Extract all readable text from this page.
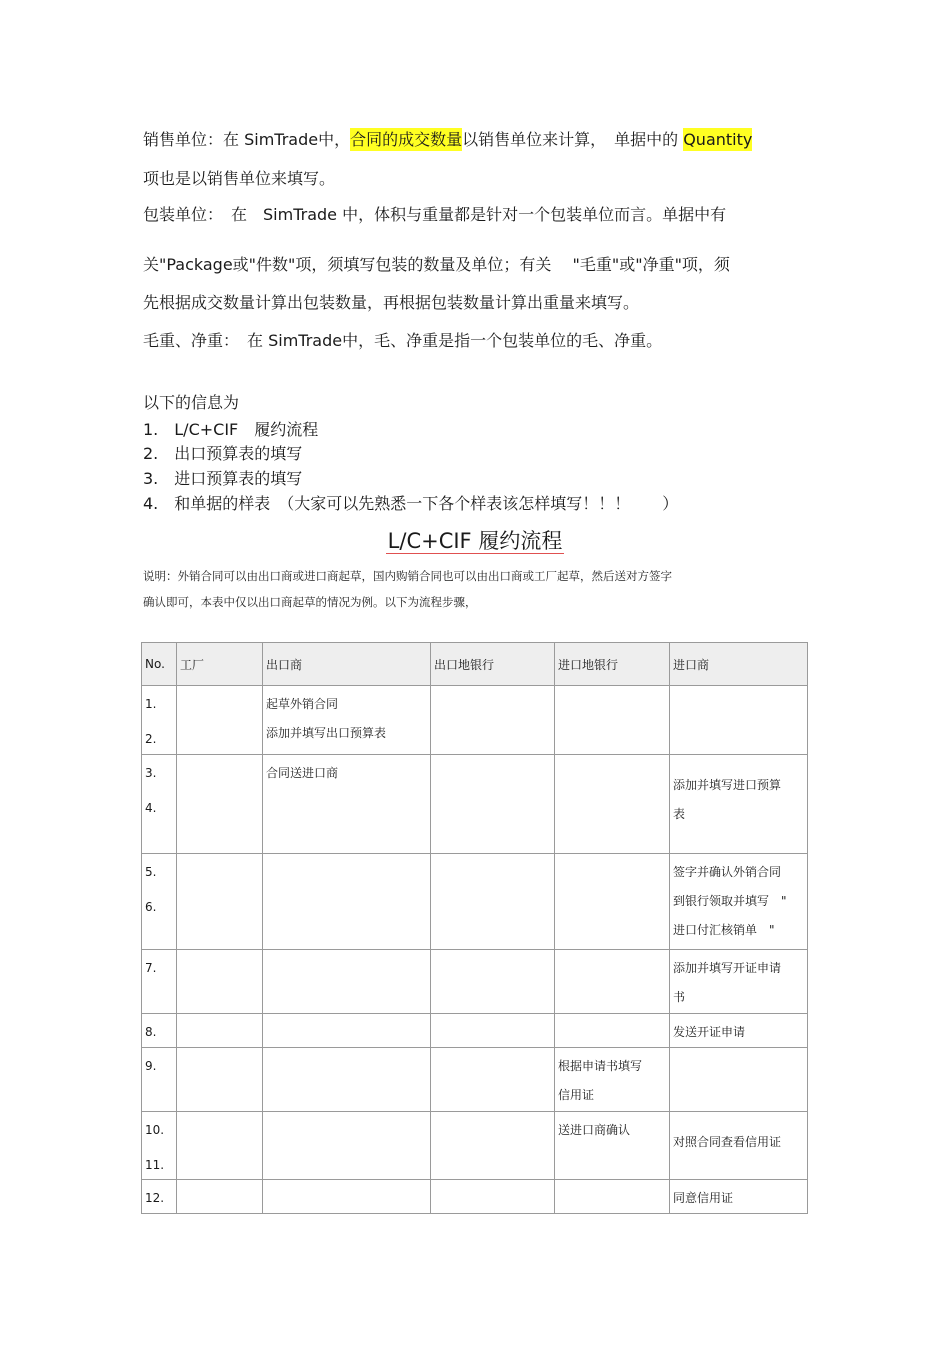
销售单位：在 SimTrade中，合同的成交数量以销售单位来计算，　单据中的 Quantity
项也是以销售单位来填写。
包装单位：　在　SimTrade 中，体积与重量都是针对一个包装单位而言。单据中有
关"Package或"件数"项，须填写包装的数量及单位；有关　 "毛重"或"净重"项，须
先根据成交数量计算出包装数量，再根据包装数量计算出重量来填写。
毛重、净重：　在 SimTrade中，毛、净重是指一个包装单位的毛、净重。
以下的信息为
1.　L/C+CIF　履约流程
2.　出口预算表的填写
3.　进口预算表的填写
4.　和单据的样表　（大家可以先熟悉一下各个样表该怎样填写！！！　　）
L/C+CIF 履约流程
说明：外销合同可以由出口商或进口商起草，国内购销合同也可以由出口商或工厂起草，然后送对方签字
确认即可，本表中仅以出口商起草的情况为例。以下为流程步骤，
No.	工厂	出口商	出口地银行	进口地银行	进口商

1.
2.		起草外销合同
添加并填写出口预算表			

3.
4.		合同送进口商			添加并填写进口预算
表

5.
6.					签字并确认外销合同
到银行领取并填写　"
进口付汇核销单　"

7.					添加并填写开证申请
书

8.					发送开证申请

9.				根据申请书填写
信用证	

10.
11.				送进口商确认	对照合同查看信用证

12.					同意信用证
